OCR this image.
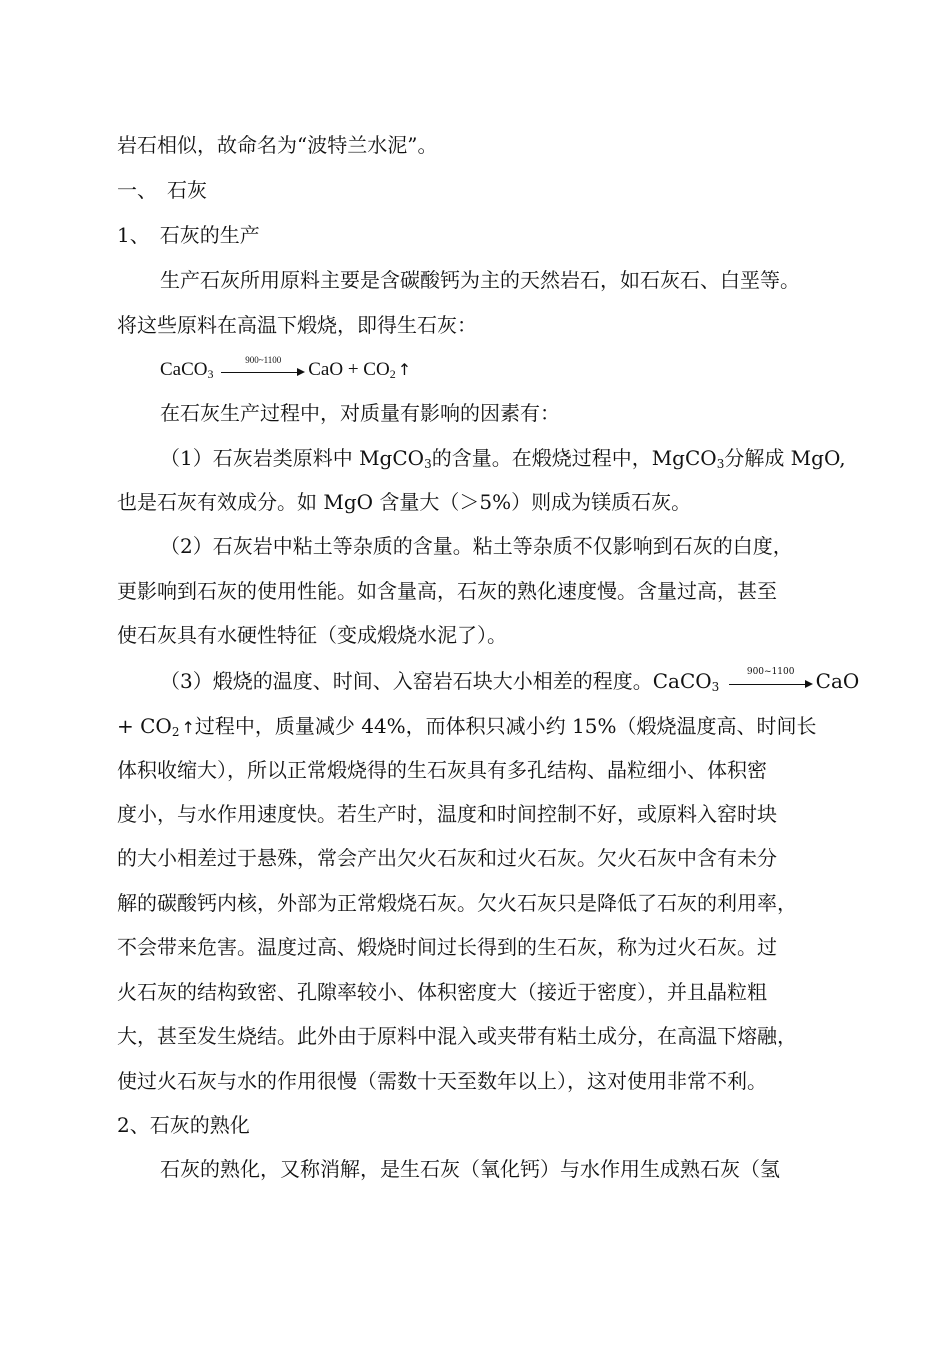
岩石相似，故命名为“波特兰水泥”。
一、　石灰
1、　石灰的生产
生产石灰所用原料主要是含碳酸钙为主的天然岩石，如石灰石、白垩等。
将这些原料在高温下煅烧，即得生石灰：
CaCO$_3$
900~1100	CaO + $CO_2$ ↑
在石灰生产过程中，对质量有影响的因素有：
（1）石灰岩类原料中 MgCO$_3$的含量。在煅烧过程中，MgCO$_3$分解成 MgO,
也是石灰有效成分。如 MgO 含量大（＞5%）则成为镁质石灰。
（2）石灰岩中粘土等杂质的含量。粘土等杂质不仅影响到石灰的白度，
更影响到石灰的使用性能。如含量高，石灰的熟化速度慢。含量过高，甚至
使石灰具有水硬性特征（变成煅烧水泥了）。
（3）煅烧的温度、时间、入窑岩石块大小相差的程度。CaCO$_3$
900~1100	CaO
+ $CO_2$ ↑过程中，质量减少 44%，而体积只减小约 15%（煅烧温度高、时间长
体积收缩大），所以正常煅烧得的生石灰具有多孔结构、晶粒细小、体积密
度小，与水作用速度快。若生产时，温度和时间控制不好，或原料入窑时块
的大小相差过于悬殊，常会产出欠火石灰和过火石灰。欠火石灰中含有未分
解的碳酸钙内核，外部为正常煅烧石灰。欠火石灰只是降低了石灰的利用率，
不会带来危害。温度过高、煅烧时间过长得到的生石灰，称为过火石灰。过
火石灰的结构致密、孔隙率较小、体积密度大（接近于密度），并且晶粒粗
大，甚至发生烧结。此外由于原料中混入或夹带有粘土成分，在高温下熔融，
使过火石灰与水的作用很慢（需数十天至数年以上），这对使用非常不利。
2、石灰的熟化
石灰的熟化，又称消解，是生石灰（氧化钙）与水作用生成熟石灰（氢
